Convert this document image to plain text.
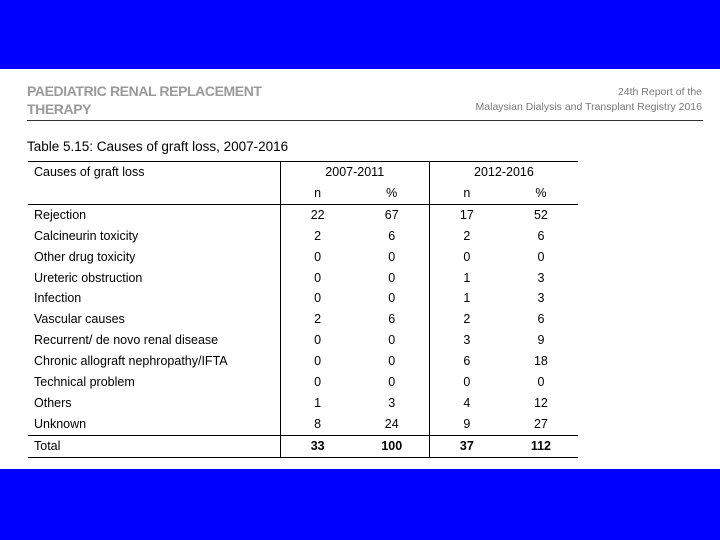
PAEDIATRIC RENAL REPLACEMENT
THERAPY
24th Report of the
Malaysian Dialysis and Transplant Registry 2016
Table 5.15: Causes of graft loss, 2007-2016
Causes of graft loss	2007-2011		2012-2016	
	n	%	n	%
Rejection	22	67	17	52
Calcineurin toxicity	2	6	2	6
Other drug toxicity	0	0	0	0
Ureteric obstruction	0	0	1	3
Infection	0	0	1	3
Vascular causes	2	6	2	6
Recurrent/ de novo renal disease	0	0	3	9
Chronic allograft nephropathy/IFTA	0	0	6	18
Technical problem	0	0	0	0
Others	1	3	4	12
Unknown	8	24	9	27
Total	33	100	37	112
